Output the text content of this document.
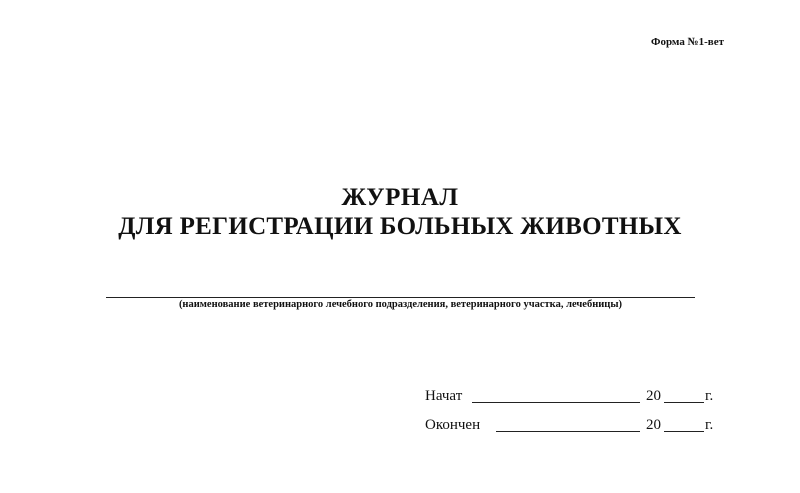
Форма №1-вет
ЖУРНАЛ
ДЛЯ РЕГИСТРАЦИИ БОЛЬНЫХ ЖИВОТНЫХ
(наименование ветеринарного лечебного подразделения, ветеринарного участка, лечебницы)
Начат	20	г.
Окончен	20	г.
